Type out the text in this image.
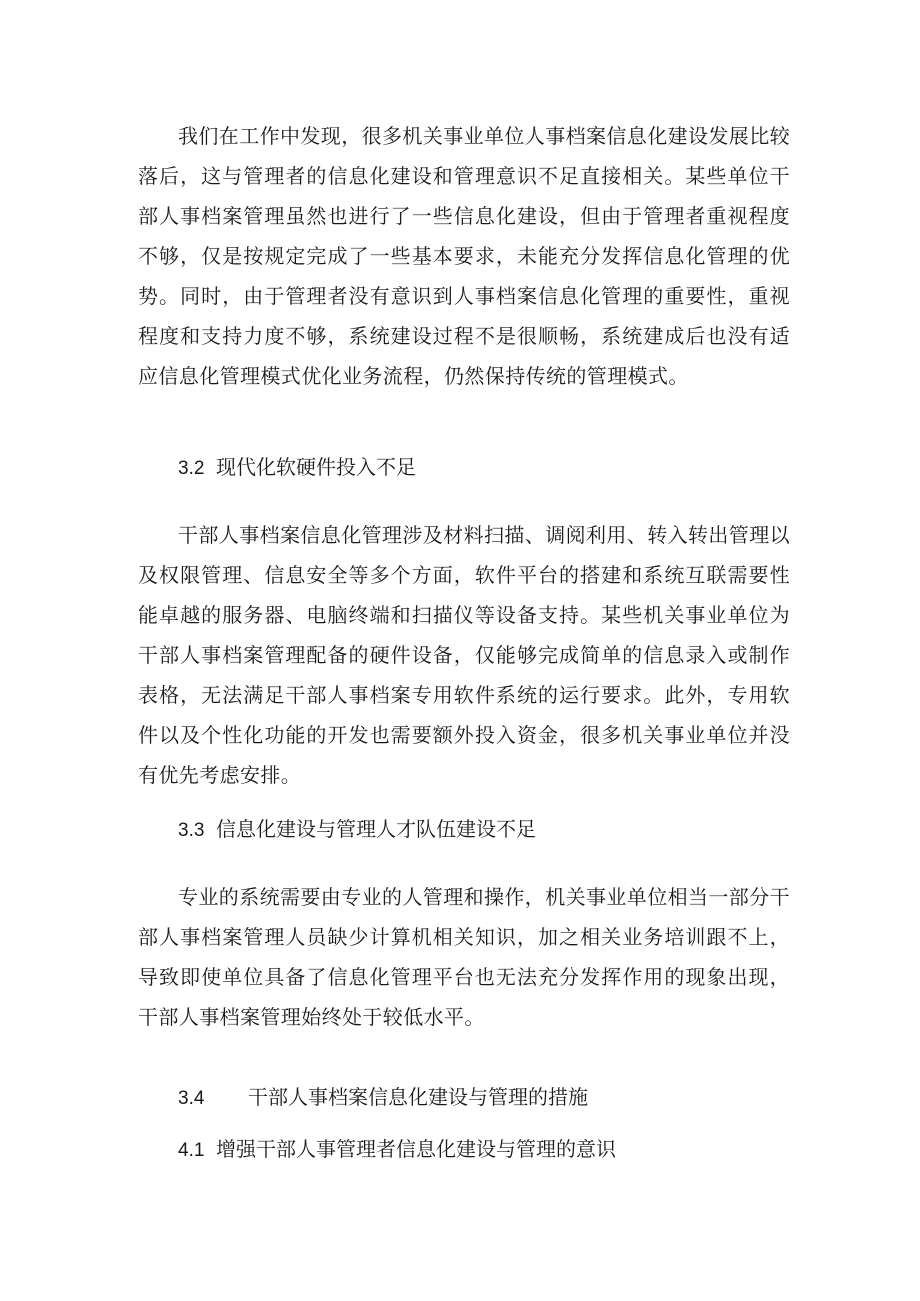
我们在工作中发现，很多机关事业单位人事档案信息化建设发展比较落后，这与管理者的信息化建设和管理意识不足直接相关。某些单位干部人事档案管理虽然也进行了一些信息化建设，但由于管理者重视程度不够，仅是按规定完成了一些基本要求，未能充分发挥信息化管理的优势。同时，由于管理者没有意识到人事档案信息化管理的重要性，重视程度和支持力度不够，系统建设过程不是很顺畅，系统建成后也没有适应信息化管理模式优化业务流程，仍然保持传统的管理模式。

3.2 现代化软硬件投入不足

干部人事档案信息化管理涉及材料扫描、调阅利用、转入转出管理以及权限管理、信息安全等多个方面，软件平台的搭建和系统互联需要性能卓越的服务器、电脑终端和扫描仪等设备支持。某些机关事业单位为干部人事档案管理配备的硬件设备，仅能够完成简单的信息录入或制作表格，无法满足干部人事档案专用软件系统的运行要求。此外，专用软件以及个性化功能的开发也需要额外投入资金，很多机关事业单位并没有优先考虑安排。

3.3 信息化建设与管理人才队伍建设不足

专业的系统需要由专业的人管理和操作，机关事业单位相当一部分干部人事档案管理人员缺少计算机相关知识，加之相关业务培训跟不上，导致即使单位具备了信息化管理平台也无法充分发挥作用的现象出现，干部人事档案管理始终处于较低水平。

3.4 干部人事档案信息化建设与管理的措施
4.1 增强干部人事管理者信息化建设与管理的意识
